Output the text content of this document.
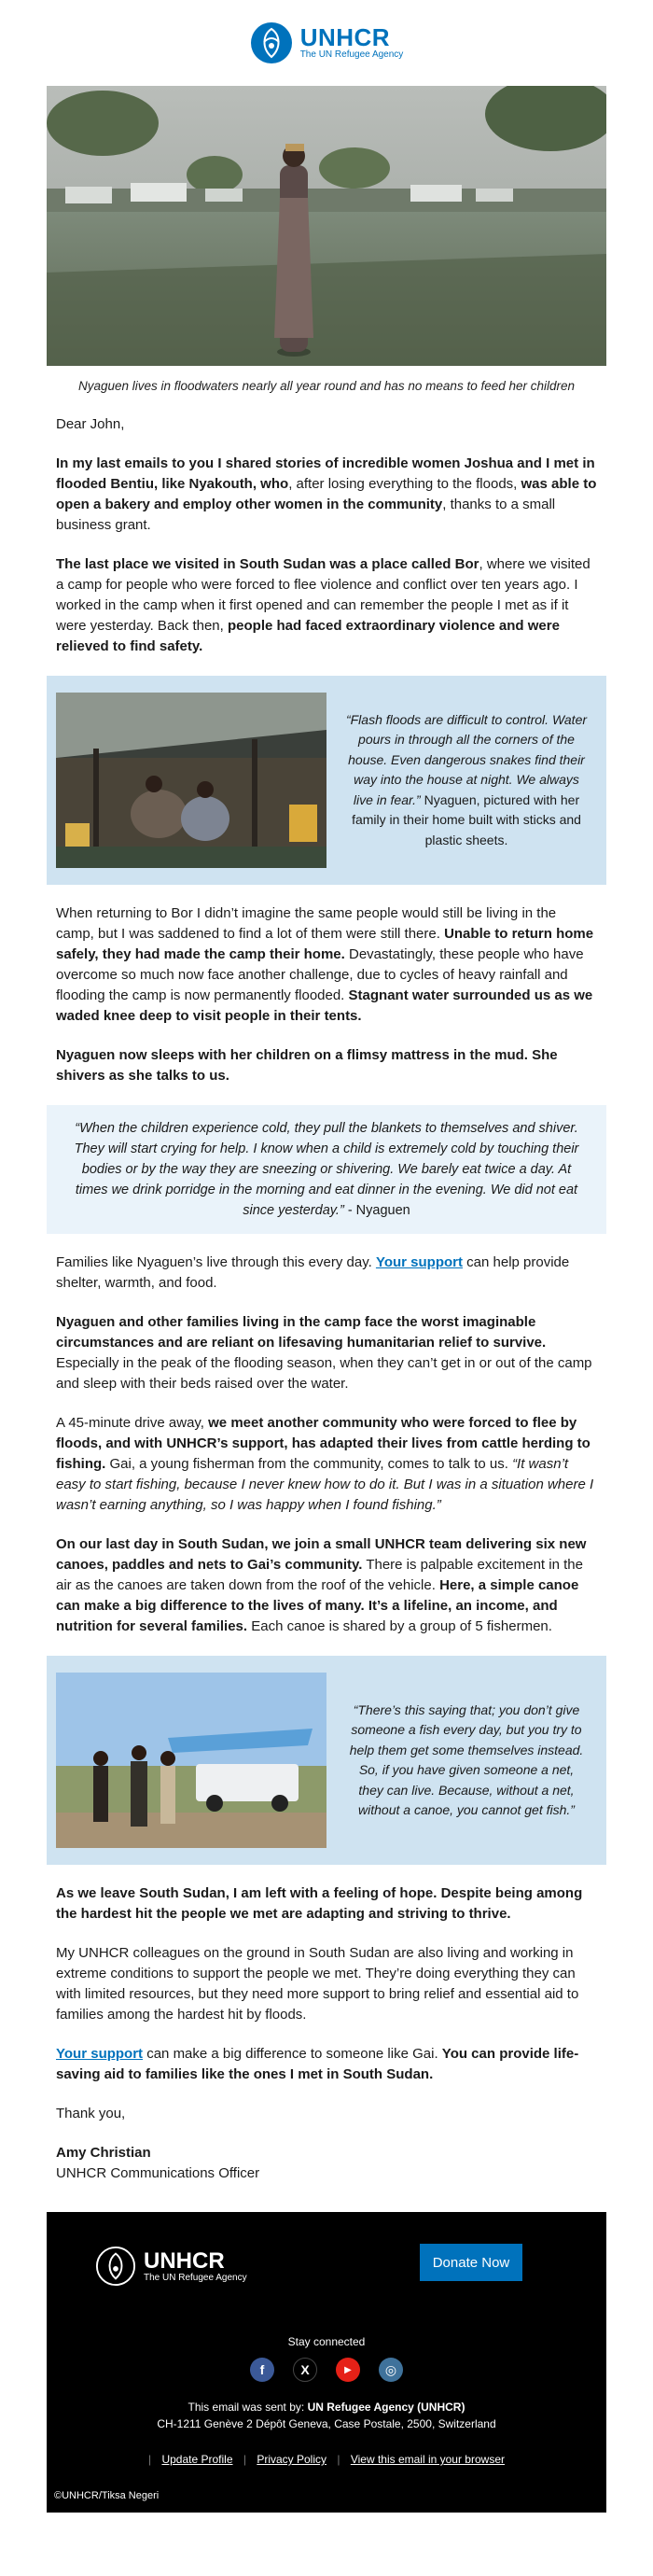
UNHCR
The UN Refugee Agency
Nyaguen lives in floodwaters nearly all year round and has no means to feed her children

Dear John,

In my last emails to you I shared stories of incredible women Joshua and I met in flooded Bentiu, like Nyakouth, who, after losing everything to the floods, was able to open a bakery and employ other women in the community, thanks to a small business grant.

The last place we visited in South Sudan was a place called Bor, where we visited a camp for people who were forced to flee violence and conflict over ten years ago. I worked in the camp when it first opened and can remember the people I met as if it were yesterday. Back then, people had faced extraordinary violence and were relieved to find safety.

“Flash floods are difficult to control. Water pours in through all the corners of the house. Even dangerous snakes find their way into the house at night. We always live in fear.” Nyaguen, pictured with her family in their home built with sticks and plastic sheets.

When returning to Bor I didn’t imagine the same people would still be living in the camp, but I was saddened to find a lot of them were still there. Unable to return home safely, they had made the camp their home. Devastatingly, these people who have overcome so much now face another challenge, due to cycles of heavy rainfall and flooding the camp is now permanently flooded. Stagnant water surrounded us as we waded knee deep to visit people in their tents.

Nyaguen now sleeps with her children on a flimsy mattress in the mud. She shivers as she talks to us.

“When the children experience cold, they pull the blankets to themselves and shiver. They will start crying for help. I know when a child is extremely cold by touching their bodies or by the way they are sneezing or shivering. We barely eat twice a day. At times we drink porridge in the morning and eat dinner in the evening. We did not eat since yesterday.” - Nyaguen

Families like Nyaguen’s live through this every day. Your support can help provide shelter, warmth, and food.

Nyaguen and other families living in the camp face the worst imaginable circumstances and are reliant on lifesaving humanitarian relief to survive. Especially in the peak of the flooding season, when they can’t get in or out of the camp and sleep with their beds raised over the water.

A 45-minute drive away, we meet another community who were forced to flee by floods, and with UNHCR’s support, has adapted their lives from cattle herding to fishing. Gai, a young fisherman from the community, comes to talk to us. “It wasn’t easy to start fishing, because I never knew how to do it. But I was in a situation where I wasn’t earning anything, so I was happy when I found fishing.”

On our last day in South Sudan, we join a small UNHCR team delivering six new canoes, paddles and nets to Gai’s community. There is palpable excitement in the air as the canoes are taken down from the roof of the vehicle. Here, a simple canoe can make a big difference to the lives of many. It’s a lifeline, an income, and nutrition for several families. Each canoe is shared by a group of 5 fishermen.

“There’s this saying that; you don’t give someone a fish every day, but you try to help them get some themselves instead. So, if you have given someone a net, they can live. Because, without a net, without a canoe, you cannot get fish.”

As we leave South Sudan, I am left with a feeling of hope. Despite being among the hardest hit the people we met are adapting and striving to thrive.

My UNHCR colleagues on the ground in South Sudan are also living and working in extreme conditions to support the people we met. They’re doing everything they can with limited resources, but they need more support to bring relief and essential aid to families among the hardest hit by floods.

Your support can make a big difference to someone like Gai. You can provide life-saving aid to families like the ones I met in South Sudan.

Thank you,

Amy Christian
UNHCR Communications Officer
UNHCR
The UN Refugee Agency
Donate Now
Stay connected
f	X	▶	◎
This email was sent by: UN Refugee Agency (UNHCR)
CH-1211 Genève 2 Dépôt Geneva, Case Postale, 2500, Switzerland
| Update Profile | Privacy Policy | View this email in your browser
©UNHCR/Tiksa Negeri
